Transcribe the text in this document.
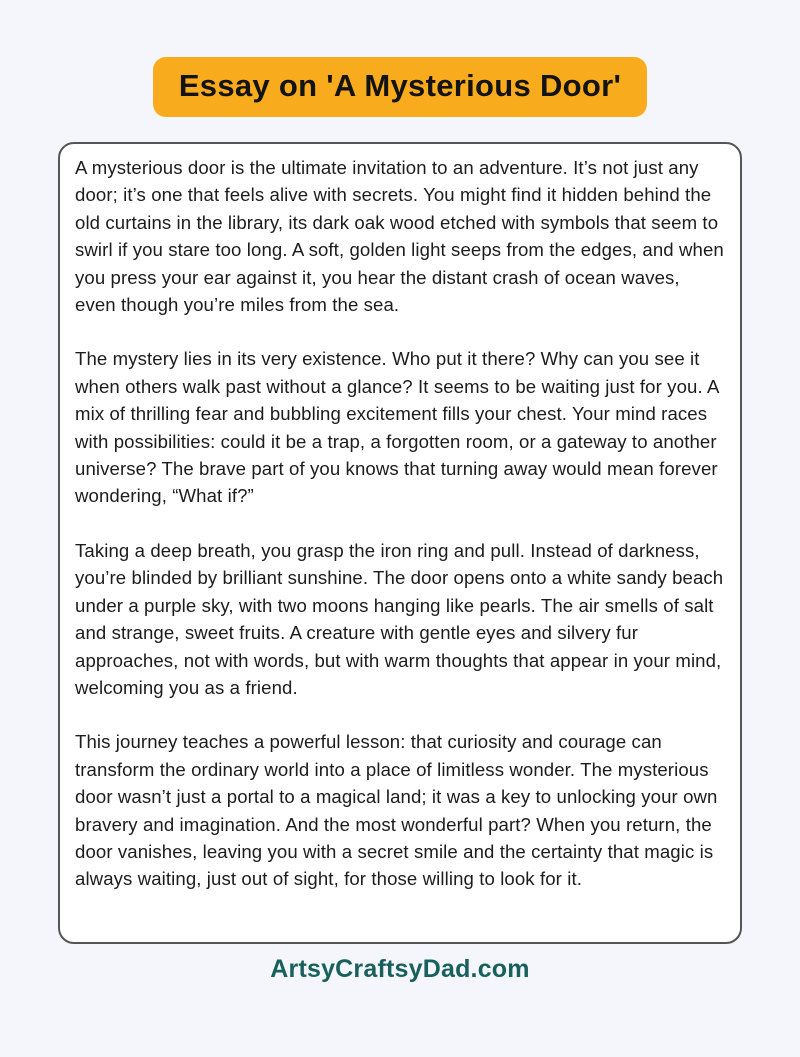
Essay on 'A Mysterious Door'

A mysterious door is the ultimate invitation to an adventure. It’s not just any door; it’s one that feels alive with secrets. You might find it hidden behind the old curtains in the library, its dark oak wood etched with symbols that seem to swirl if you stare too long. A soft, golden light seeps from the edges, and when you press your ear against it, you hear the distant crash of ocean waves, even though you’re miles from the sea.

The mystery lies in its very existence. Who put it there? Why can you see it when others walk past without a glance? It seems to be waiting just for you. A mix of thrilling fear and bubbling excitement fills your chest. Your mind races with possibilities: could it be a trap, a forgotten room, or a gateway to another universe? The brave part of you knows that turning away would mean forever wondering, “What if?”

Taking a deep breath, you grasp the iron ring and pull. Instead of darkness, you’re blinded by brilliant sunshine. The door opens onto a white sandy beach under a purple sky, with two moons hanging like pearls. The air smells of salt and strange, sweet fruits. A creature with gentle eyes and silvery fur approaches, not with words, but with warm thoughts that appear in your mind, welcoming you as a friend.

This journey teaches a powerful lesson: that curiosity and courage can transform the ordinary world into a place of limitless wonder. The mysterious door wasn’t just a portal to a magical land; it was a key to unlocking your own bravery and imagination. And the most wonderful part? When you return, the door vanishes, leaving you with a secret smile and the certainty that magic is always waiting, just out of sight, for those willing to look for it.

ArtsyCraftsyDad.com
